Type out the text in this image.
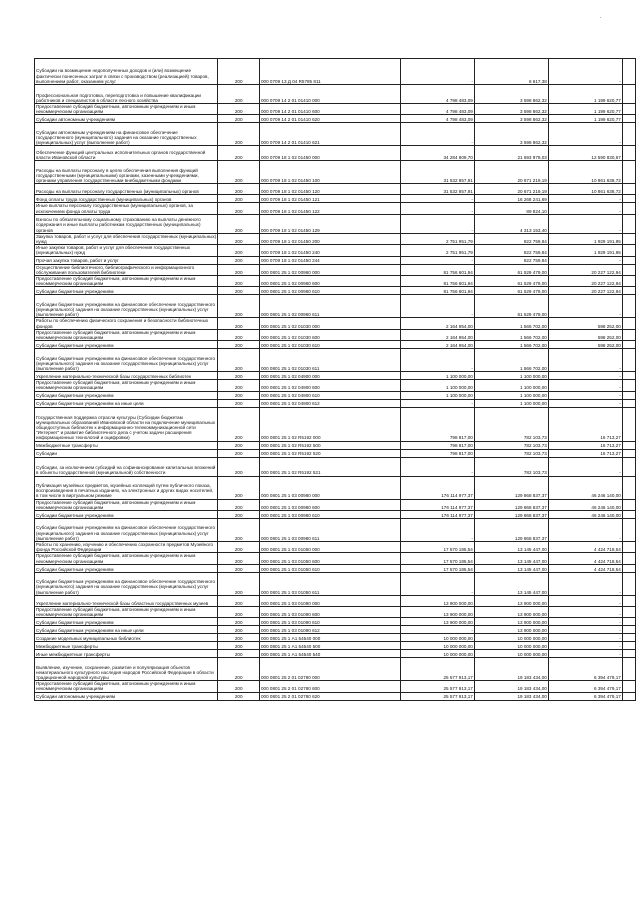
.
Субсидии на возмещение недополученных доходов и (или) возмещение фактически понесенных затрат в связи с производством (реализацией) товаров, выполнением работ, оказанием услуг	200	000 0709 13 Д 04 R5785 811	-	6 617,38	-	
Профессиональная подготовка, переподготовка и повышение квалификации работников и специалистов в области лесного хозяйства	200	000 0709 14 2 01 01410 000	4 798 483,09	3 598 862,32	1 199 620,77	
Предоставление субсидий бюджетным, автономным учреждениям и иным некоммерческим организациям	200	000 0709 14 2 01 01410 600	4 798 483,09	3 598 862,32	1 199 620,77	
Субсидии автономным учреждениям	200	000 0709 14 2 01 01410 620	4 798 483,09	3 598 862,32	1 199 620,77	
Субсидии автономным учреждениям на финансовое обеспечение государственного (муниципального) задания на оказание государственных (муниципальных) услуг (выполнение работ)	200	000 0709 14 2 01 01410 621	-	3 598 862,32	-	
Обеспечение функций центральных исполнительных органов государственной власти Ивановской области	200	000 0709 18 1 02 01450 000	34 284 809,70	21 693 979,03	12 590 830,67	
Расходы на выплаты персоналу в целях обеспечения выполнения функций государственными (муниципальными) органами, казенными учреждениями, органами управления государственными внебюджетными фондами	200	000 0709 18 1 02 01450 100	31 532 857,91	20 671 219,19	10 861 638,72	
Расходы на выплаты персоналу государственных (муниципальных) органов	200	000 0709 18 1 02 01450 120	31 532 857,91	20 671 219,19	10 861 638,72	
Фонд оплаты труда государственных (муниципальных) органов	200	000 0709 18 1 02 01450 121	-	16 268 241,69	-	
Иные выплаты персоналу государственных (муниципальных) органов, за исключением фонда оплаты труда	200	000 0709 18 1 02 01450 122	-	89 824,10	-	
Взносы по обязательному социальному страхованию на выплаты денежного содержания и иные выплаты работникам государственных (муниципальных) органов	200	000 0709 18 1 02 01450 129	-	4 313 153,40	-	
Закупка товаров, работ и услуг для обеспечения государственных (муниципальных) нужд	200	000 0709 18 1 02 01450 200	2 751 951,79	822 759,84	1 929 191,95	
Иные закупки товаров, работ и услуг для обеспечения государственных (муниципальных) нужд	200	000 0709 18 1 02 01450 240	2 751 951,79	822 759,84	1 929 191,95	
Прочая закупка товаров, работ и услуг	200	000 0709 18 1 02 01450 244	-	822 759,84	-	
Осуществление библиотечного, библиографического и информационного обслуживания пользователей библиотеки	200	000 0801 25 1 02 00960 000	81 756 601,94	61 529 479,00	20 227 122,94	
Предоставление субсидий бюджетным, автономным учреждениям и иным некоммерческим организациям	200	000 0801 25 1 02 00960 600	81 756 601,94	61 529 479,00	20 227 122,94	
Субсидии бюджетным учреждениям	200	000 0801 25 1 02 00960 610	81 756 601,94	61 529 479,00	20 227 122,94	
Субсидии бюджетным учреждениям на финансовое обеспечение государственного (муниципального) задания на оказание государственных (муниципальных) услуг (выполнение работ)	200	000 0801 25 1 02 00960 611	-	61 529 479,00	-	
Работы по обеспечению физического сохранения и безопасности библиотечных фондов	200	000 0801 25 1 02 01030 000	2 164 954,00	1 566 702,00	598 252,00	
Предоставление субсидий бюджетным, автономным учреждениям и иным некоммерческим организациям	200	000 0801 25 1 02 01030 600	2 164 954,00	1 566 702,00	598 252,00	
Субсидии бюджетным учреждениям	200	000 0801 25 1 02 01030 610	2 164 954,00	1 566 702,00	598 252,00	
Субсидии бюджетным учреждениям на финансовое обеспечение государственного (муниципального) задания на оказание государственных (муниципальных) услуг (выполнение работ)	200	000 0801 25 1 02 01030 611	-	1 566 702,00	-	
Укрепление материально-технической базы государственных библиотек	200	000 0801 25 1 02 04900 000	1 100 000,00	1 100 000,00	-	
Предоставление субсидий бюджетным, автономным учреждениям и иным некоммерческим организациям	200	000 0801 25 1 02 04900 600	1 100 000,00	1 100 000,00	-	
Субсидии бюджетным учреждениям	200	000 0801 25 1 02 04900 610	1 100 000,00	1 100 000,00	-	
Субсидии бюджетным учреждениям на иные цели	200	000 0801 25 1 02 04900 612	-	1 100 000,00	-	
Государственная поддержка отрасли культуры (Субсидии бюджетам муниципальных образований Ивановской области на подключение муниципальных общедоступных библиотек к информационно-телекоммуникационной сети "Интернет" и развитие библиотечного дела с учетом задачи расширения информационных технологий и оцифровки)	200	000 0801 25 1 02 R5192 000	798 817,00	782 103,73	16 713,27	
Межбюджетные трансферты	200	000 0801 25 1 02 R5192 500	798 817,00	782 103,73	16 713,27	
Субсидии	200	000 0801 25 1 02 R5192 520	798 817,00	782 103,73	16 713,27	
Субсидии, за исключением субсидий на софинансирование капитальных вложений в объекты государственной (муниципальной) собственности	200	000 0801 25 1 02 R5192 521	-	782 103,73	-	
Публикация музейных предметов, музейных коллекций путем публичного показа, воспроизведения в печатных изданиях, на электронных и других видах носителей, в том числе в виртуальном режиме	200	000 0801 25 1 03 00980 000	176 114 977,37	129 868 837,37	46 246 140,00	
Предоставление субсидий бюджетным, автономным учреждениям и иным некоммерческим организациям	200	000 0801 25 1 03 00980 600	176 114 977,37	129 868 837,37	46 246 140,00	
Субсидии бюджетным учреждениям	200	000 0801 25 1 03 00980 610	176 114 977,37	129 868 837,37	46 246 140,00	
Субсидии бюджетным учреждениям на финансовое обеспечение государственного (муниципального) задания на оказание государственных (муниципальных) услуг (выполнение работ)	200	000 0801 25 1 03 00980 611	-	129 868 837,37	-	
Работы по хранению, изучению и обеспечению сохранности предметов Музейного фонда Российской Федерации	200	000 0801 25 1 03 01050 000	17 570 185,54	13 145 447,00	4 424 718,54	
Предоставление субсидий бюджетным, автономным учреждениям и иным некоммерческим организациям	200	000 0801 25 1 03 01050 600	17 570 185,54	13 145 447,00	4 424 718,54	
Субсидии бюджетным учреждениям	200	000 0801 25 1 03 01050 610	17 570 185,54	13 145 447,00	4 424 718,54	
Субсидии бюджетным учреждениям на финансовое обеспечение государственного (муниципального) задания на оказание государственных (муниципальных) услуг (выполнение работ)	200	000 0801 25 1 03 01050 611	-	13 145 447,00	-	
Укрепление материально-технической базы областных государственных музеев	200	000 0801 25 1 03 01090 000	13 900 000,00	13 900 000,00	-	
Предоставление субсидий бюджетным, автономным учреждениям и иным некоммерческим организациям	200	000 0801 25 1 03 01090 600	13 900 000,00	13 900 000,00	-	
Субсидии бюджетным учреждениям	200	000 0801 25 1 03 01090 610	13 900 000,00	13 900 000,00	-	
Субсидии бюджетным учреждениям на иные цели	200	000 0801 25 1 03 01090 612	-	13 900 000,00	-	
Создание модельных муниципальных библиотек	200	000 0801 25 1 А1 54540 000	10 000 000,00	10 000 000,00	-	
Межбюджетные трансферты	200	000 0801 25 1 А1 54540 500	10 000 000,00	10 000 000,00	-	
Иные межбюджетные трансферты	200	000 0801 25 1 А1 54540 540	10 000 000,00	10 000 000,00	-	
Выявление, изучение, сохранение, развитие и популяризация объектов нематериального культурного наследия народов Российской Федерации в области традиционной народной культуры	200	000 0801 25 2 01 02780 000	25 577 913,17	19 183 434,00	6 394 479,17	
Предоставление субсидий бюджетным, автономным учреждениям и иным некоммерческим организациям	200	000 0801 25 2 01 02780 600	25 577 913,17	19 183 434,00	6 394 479,17	
Субсидии автономным учреждениям	200	000 0801 25 2 01 02780 620	25 577 913,17	19 183 434,00	6 394 479,17	
